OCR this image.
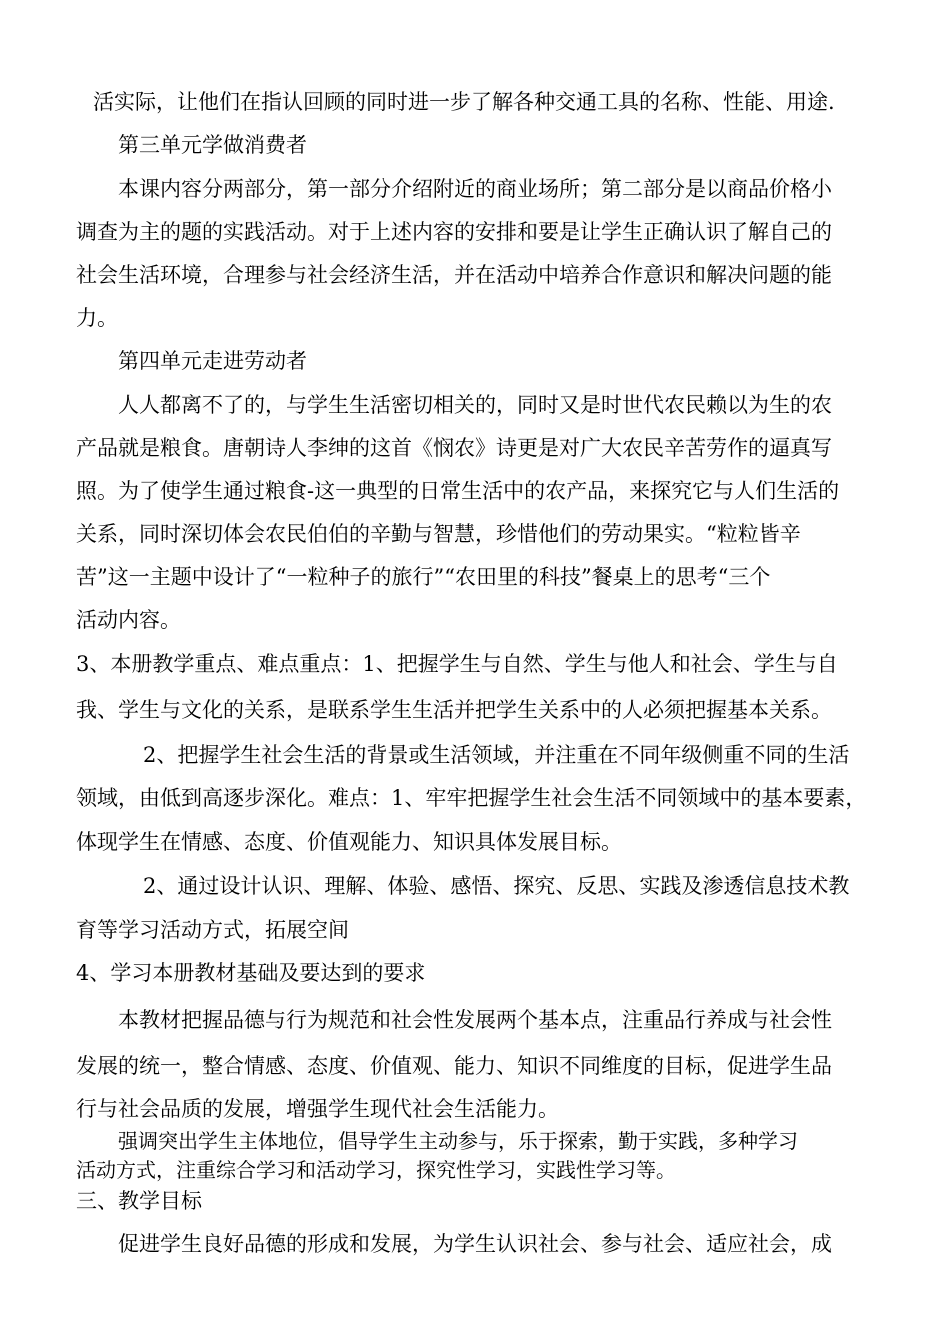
活实际，让他们在指认回顾的同时进一步了解各种交通工具的名称、性能、用途.
第三单元学做消费者
本课内容分两部分，第一部分介绍附近的商业场所；第二部分是以商品价格小
调查为主的题的实践活动。对于上述内容的安排和要是让学生正确认识了解自己的
社会生活环境，合理参与社会经济生活，并在活动中培养合作意识和解决问题的能
力。
第四单元走进劳动者
人人都离不了的，与学生生活密切相关的，同时又是时世代农民赖以为生的农
产品就是粮食。唐朝诗人李绅的这首《悯农》诗更是对广大农民辛苦劳作的逼真写
照。为了使学生通过粮食-这一典型的日常生活中的农产品，来探究它与人们生活的
关系，同时深切体会农民伯伯的辛勤与智慧，珍惜他们的劳动果实。“粒粒皆辛
苦”这一主题中设计了“一粒种子的旅行”“农田里的科技”餐桌上的思考“三个
活动内容。
3、本册教学重点、难点重点：1、把握学生与自然、学生与他人和社会、学生与自
我、学生与文化的关系，是联系学生生活并把学生关系中的人必须把握基本关系。
2、把握学生社会生活的背景或生活领域，并注重在不同年级侧重不同的生活
领域，由低到高逐步深化。难点：1、牢牢把握学生社会生活不同领域中的基本要素，
体现学生在情感、态度、价值观能力、知识具体发展目标。
2、通过设计认识、理解、体验、感悟、探究、反思、实践及渗透信息技术教
育等学习活动方式，拓展空间
4、学习本册教材基础及要达到的要求
本教材把握品德与行为规范和社会性发展两个基本点，注重品行养成与社会性
发展的统一，整合情感、态度、价值观、能力、知识不同维度的目标，促进学生品
行与社会品质的发展，增强学生现代社会生活能力。
强调突出学生主体地位，倡导学生主动参与，乐于探索，勤于实践，多种学习
活动方式，注重综合学习和活动学习，探究性学习，实践性学习等。
三、教学目标
促进学生良好品德的形成和发展，为学生认识社会、参与社会、适应社会，成
